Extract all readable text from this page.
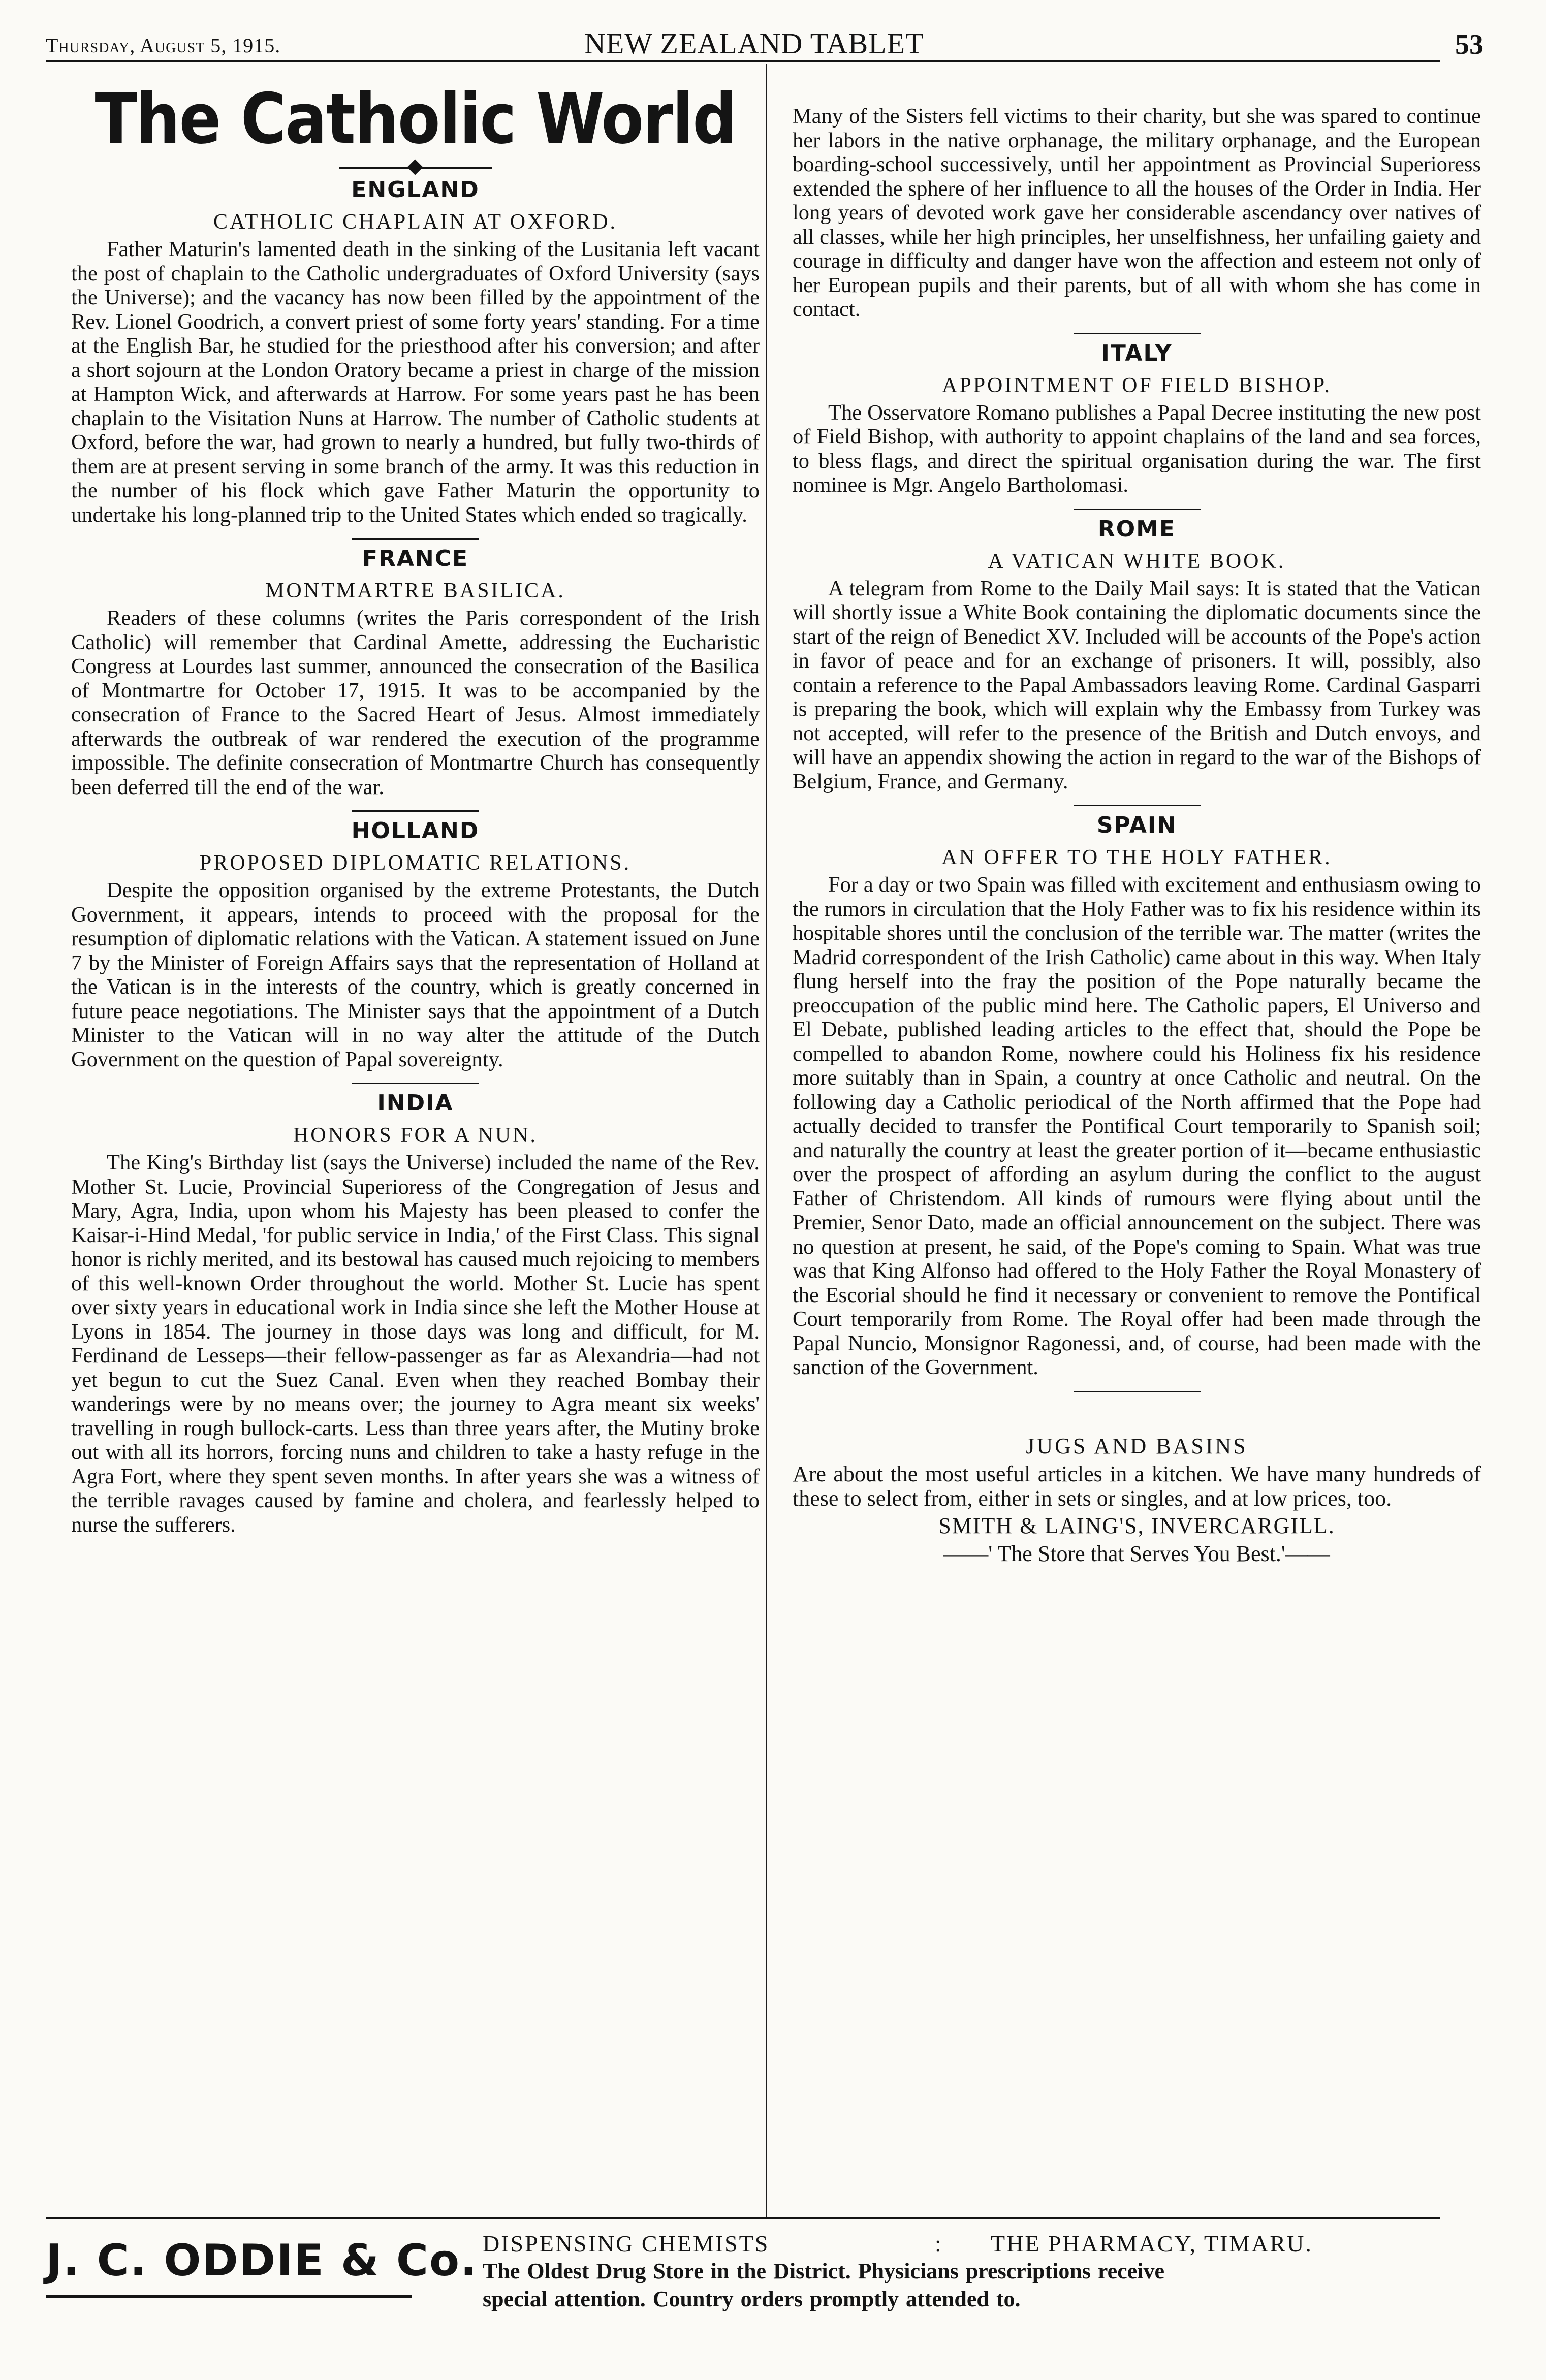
Thursday, August 5, 1915.	NEW ZEALAND TABLET	53
The Catholic World
ENGLAND
CATHOLIC CHAPLAIN AT OXFORD.

Father Maturin's lamented death in the sinking of the Lusitania left vacant the post of chaplain to the Catholic undergraduates of Oxford University (says the Universe); and the vacancy has now been filled by the appointment of the Rev. Lionel Goodrich, a convert priest of some forty years' standing. For a time at the English Bar, he studied for the priesthood after his conversion; and after a short sojourn at the London Oratory became a priest in charge of the mission at Hampton Wick, and afterwards at Harrow. For some years past he has been chaplain to the Visitation Nuns at Harrow. The number of Catholic students at Oxford, before the war, had grown to nearly a hundred, but fully two-thirds of them are at present serving in some branch of the army. It was this reduction in the number of his flock which gave Father Maturin the opportunity to undertake his long-planned trip to the United States which ended so tragically.

FRANCE
MONTMARTRE BASILICA.

Readers of these columns (writes the Paris correspondent of the Irish Catholic) will remember that Cardinal Amette, addressing the Eucharistic Congress at Lourdes last summer, announced the consecration of the Basilica of Montmartre for October 17, 1915. It was to be accompanied by the consecration of France to the Sacred Heart of Jesus. Almost immediately afterwards the outbreak of war rendered the execution of the programme impossible. The definite consecration of Montmartre Church has consequently been deferred till the end of the war.

HOLLAND
PROPOSED DIPLOMATIC RELATIONS.

Despite the opposition organised by the extreme Protestants, the Dutch Government, it appears, intends to proceed with the proposal for the resumption of diplomatic relations with the Vatican. A statement issued on June 7 by the Minister of Foreign Affairs says that the representation of Holland at the Vatican is in the interests of the country, which is greatly concerned in future peace negotiations. The Minister says that the appointment of a Dutch Minister to the Vatican will in no way alter the attitude of the Dutch Government on the question of Papal sovereignty.

INDIA
HONORS FOR A NUN.

The King's Birthday list (says the Universe) included the name of the Rev. Mother St. Lucie, Provincial Superioress of the Congregation of Jesus and Mary, Agra, India, upon whom his Majesty has been pleased to confer the Kaisar-i-Hind Medal, 'for public service in India,' of the First Class. This signal honor is richly merited, and its bestowal has caused much rejoicing to members of this well-known Order throughout the world. Mother St. Lucie has spent over sixty years in educational work in India since she left the Mother House at Lyons in 1854. The journey in those days was long and difficult, for M. Ferdinand de Lesseps—their fellow-passenger as far as Alexandria—had not yet begun to cut the Suez Canal. Even when they reached Bombay their wanderings were by no means over; the journey to Agra meant six weeks' travelling in rough bullock-carts. Less than three years after, the Mutiny broke out with all its horrors, forcing nuns and children to take a hasty refuge in the Agra Fort, where they spent seven months. In after years she was a witness of the terrible ravages caused by famine and cholera, and fearlessly helped to nurse the sufferers.

Many of the Sisters fell victims to their charity, but she was spared to continue her labors in the native orphanage, the military orphanage, and the European boarding-school successively, until her appointment as Provincial Superioress extended the sphere of her influence to all the houses of the Order in India. Her long years of devoted work gave her considerable ascendancy over natives of all classes, while her high principles, her unselfishness, her unfailing gaiety and courage in difficulty and danger have won the affection and esteem not only of her European pupils and their parents, but of all with whom she has come in contact.

ITALY
APPOINTMENT OF FIELD BISHOP.

The Osservatore Romano publishes a Papal Decree instituting the new post of Field Bishop, with authority to appoint chaplains of the land and sea forces, to bless flags, and direct the spiritual organisation during the war. The first nominee is Mgr. Angelo Bartholomasi.

ROME
A VATICAN WHITE BOOK.

A telegram from Rome to the Daily Mail says: It is stated that the Vatican will shortly issue a White Book containing the diplomatic documents since the start of the reign of Benedict XV. Included will be accounts of the Pope's action in favor of peace and for an exchange of prisoners. It will, possibly, also contain a reference to the Papal Ambassadors leaving Rome. Cardinal Gasparri is preparing the book, which will explain why the Embassy from Turkey was not accepted, will refer to the presence of the British and Dutch envoys, and will have an appendix showing the action in regard to the war of the Bishops of Belgium, France, and Germany.

SPAIN
AN OFFER TO THE HOLY FATHER.

For a day or two Spain was filled with excitement and enthusiasm owing to the rumors in circulation that the Holy Father was to fix his residence within its hospitable shores until the conclusion of the terrible war. The matter (writes the Madrid correspondent of the Irish Catholic) came about in this way. When Italy flung herself into the fray the position of the Pope naturally became the preoccupation of the public mind here. The Catholic papers, El Universo and El Debate, published leading articles to the effect that, should the Pope be compelled to abandon Rome, nowhere could his Holiness fix his residence more suitably than in Spain, a country at once Catholic and neutral. On the following day a Catholic periodical of the North affirmed that the Pope had actually decided to transfer the Pontifical Court temporarily to Spanish soil; and naturally the country at least the greater portion of it—became enthusiastic over the prospect of affording an asylum during the conflict to the august Father of Christendom. All kinds of rumours were flying about until the Premier, Senor Dato, made an official announcement on the subject. There was no question at present, he said, of the Pope's coming to Spain. What was true was that King Alfonso had offered to the Holy Father the Royal Monastery of the Escorial should he find it necessary or convenient to remove the Pontifical Court temporarily from Rome. The Royal offer had been made through the Papal Nuncio, Monsignor Ragonessi, and, of course, had been made with the sanction of the Government.

JUGS AND BASINS
Are about the most useful articles in a kitchen. We have many hundreds of these to select from, either in sets or singles, and at low prices, too.
SMITH & LAING'S, INVERCARGILL.
——' The Store that Serves You Best.'——
J. C. ODDIE & Co. DISPENSING CHEMISTS	: THE PHARMACY, TIMARU.
The Oldest Drug Store in the District. Physicians prescriptions receive
special attention. Country orders promptly attended to.
